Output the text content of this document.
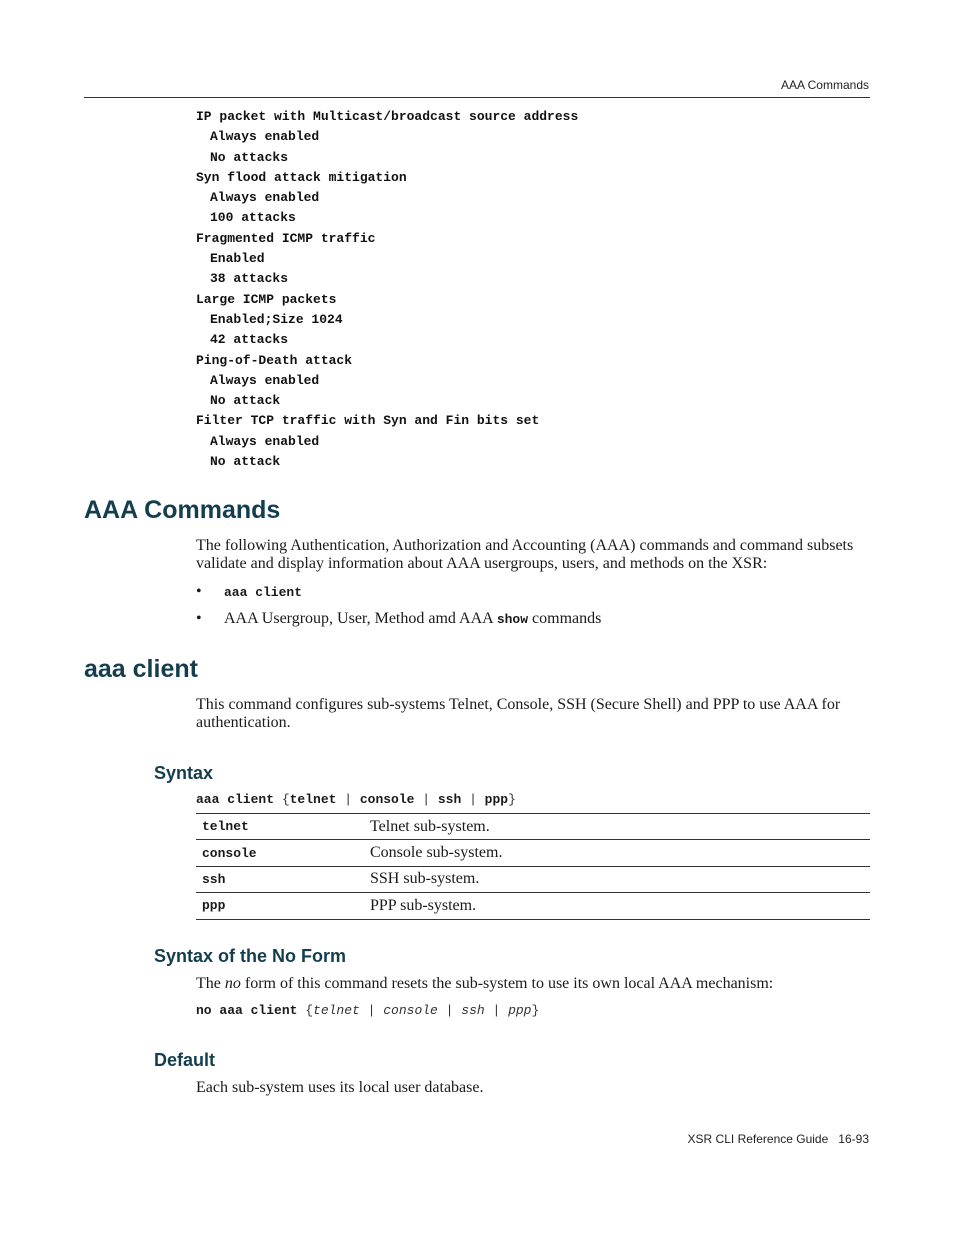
AAA Commands
IP packet with Multicast/broadcast source address
Always enabled
No attacks
Syn flood attack mitigation
Always enabled
100 attacks
Fragmented ICMP traffic
Enabled
38 attacks
Large ICMP packets
Enabled;Size 1024
42 attacks
Ping-of-Death attack
Always enabled
No attack
Filter TCP traffic with Syn and Fin bits set
Always enabled
No attack
AAA Commands
The following Authentication, Authorization and Accounting (AAA) commands and command subsets validate and display information about AAA usergroups, users, and methods on the XSR:
• aaa client
• AAA Usergroup, User, Method amd AAA show commands
aaa client
This command configures sub-systems Telnet, Console, SSH (Secure Shell) and PPP to use AAA for authentication.
Syntax
aaa client {telnet | console | ssh | ppp}
telnet	Telnet sub-system.
console	Console sub-system.
ssh	SSH sub-system.
ppp	PPP sub-system.
Syntax of the No Form
The no form of this command resets the sub-system to use its own local AAA mechanism:
no aaa client {telnet | console | ssh | ppp}
Default
Each sub-system uses its local user database.
XSR CLI Reference Guide 16-93
